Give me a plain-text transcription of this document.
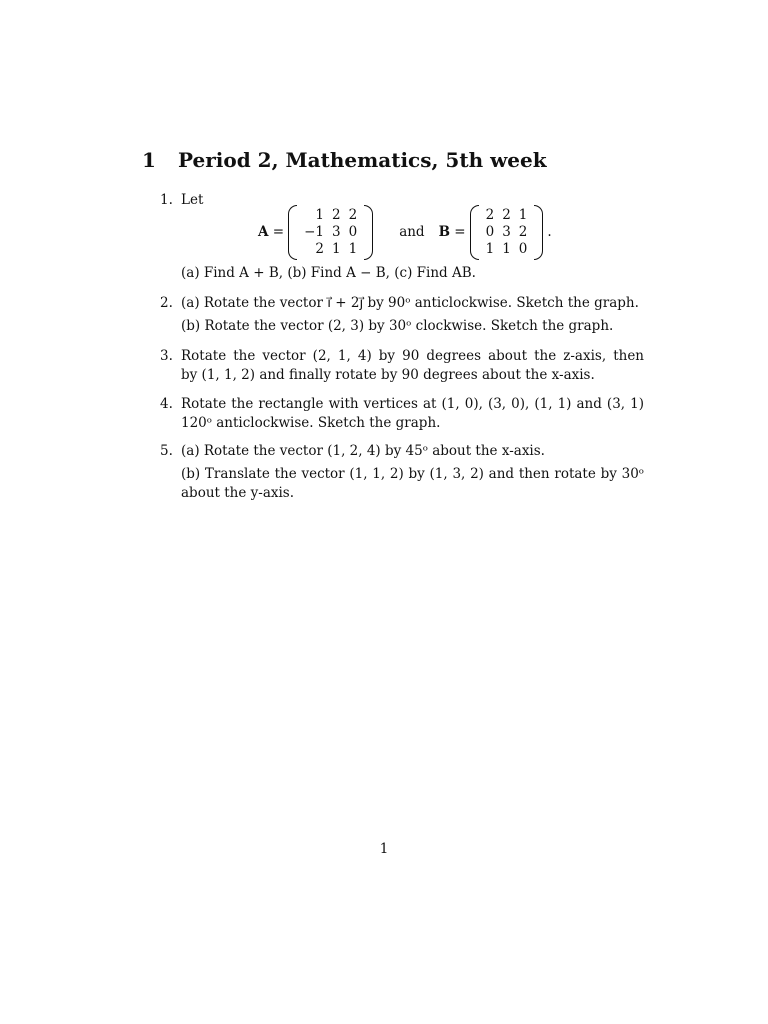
1 Period 2, Mathematics, 5th week
1. Let

A =
1	2	2
−1	3	0
2	1	1
and B =
2	2	1
0	3	2
1	1	0
.

(a) Find A + B, (b) Find A − B, (c) Find AB.

2. (a) Rotate the vector i⃗ + 2j⃗ by 90ᵒ anticlockwise. Sketch the graph.

(b) Rotate the vector (2, 3) by 30ᵒ clockwise. Sketch the graph.

3. Rotate the vector (2, 1, 4) by 90 degrees about the z-axis, then

by (1, 1, 2) and finally rotate by 90 degrees about the x-axis.

4. Rotate the rectangle with vertices at (1, 0), (3, 0), (1, 1) and (3, 1)

120ᵒ anticlockwise. Sketch the graph.

5. (a) Rotate the vector (1, 2, 4) by 45ᵒ about the x-axis.

(b) Translate the vector (1, 1, 2) by (1, 3, 2) and then rotate by 30ᵒ

about the y-axis.

1
